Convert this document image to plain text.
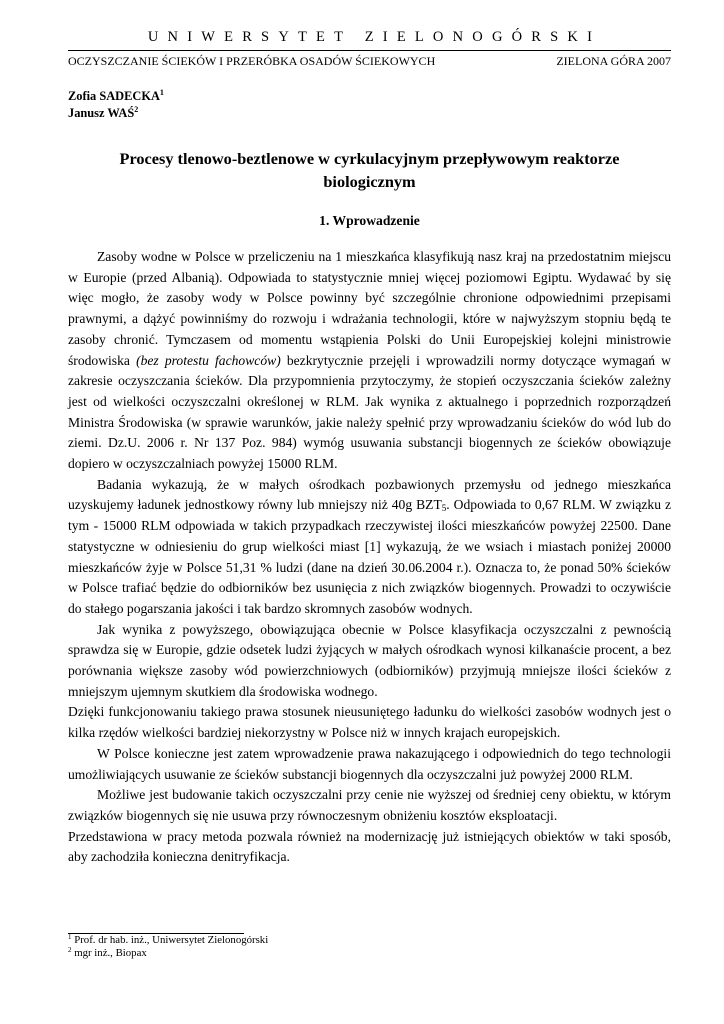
UNIWERSYTET ZIELONOGÓRSKI
OCZYSZCZANIE ŚCIEKÓW I PRZERÓBKA OSADÓW ŚCIEKOWYCH	ZIELONA GÓRA 2007
Zofia SADECKA$^1$
Janusz WAŚ$^2$
Procesy tlenowo-beztlenowe w cyrkulacyjnym przepływowym reaktorze biologicznym
1. Wprowadzenie

Zasoby wodne w Polsce w przeliczeniu na 1 mieszkańca klasyfikują nasz kraj na przedostatnim miejscu w Europie (przed Albanią). Odpowiada to statystycznie mniej więcej poziomowi Egiptu. Wydawać by się więc mogło, że zasoby wody w Polsce powinny być szczególnie chronione odpowiednimi przepisami prawnymi, a dążyć powinniśmy do rozwoju i wdrażania technologii, które w najwyższym stopniu będą te zasoby chronić. Tymczasem od momentu wstąpienia Polski do Unii Europejskiej kolejni ministrowie środowiska (bez protestu fachowców) bezkrytycznie przejęli i wprowadzili normy dotyczące wymagań w zakresie oczyszczania ścieków. Dla przypomnienia przytoczymy, że stopień oczyszczania ścieków zależny jest od wielkości oczyszczalni określonej w RLM. Jak wynika z aktualnego i poprzednich rozporządzeń Ministra Środowiska (w sprawie warunków, jakie należy spełnić przy wprowadzaniu ścieków do wód lub do ziemi. Dz.U. 2006 r. Nr 137 Poz. 984) wymóg usuwania substancji biogennych ze ścieków obowiązuje dopiero w oczyszczalniach powyżej 15000 RLM.

Badania wykazują, że w małych ośrodkach pozbawionych przemysłu od jednego mieszkańca uzyskujemy ładunek jednostkowy równy lub mniejszy niż 40g $BZT_5$. Odpowiada to 0,67 RLM. W związku z tym - 15000 RLM odpowiada w takich przypadkach rzeczywistej ilości mieszkańców powyżej 22500. Dane statystyczne w odniesieniu do grup wielkości miast [1] wykazują, że we wsiach i miastach poniżej 20000 mieszkańców żyje w Polsce 51,31 % ludzi (dane na dzień 30.06.2004 r.). Oznacza to, że ponad 50% ścieków w Polsce trafiać będzie do odbiorników bez usunięcia z nich związków biogennych. Prowadzi to oczywiście do stałego pogarszania jakości i tak bardzo skromnych zasobów wodnych.

Jak wynika z powyższego, obowiązująca obecnie w Polsce klasyfikacja oczyszczalni z pewnością sprawdza się w Europie, gdzie odsetek ludzi żyjących w małych ośrodkach wynosi kilkanaście procent, a bez porównania większe zasoby wód powierzchniowych (odbiorników) przyjmują mniejsze ilości ścieków z mniejszym ujemnym skutkiem dla środowiska wodnego.

Dzięki funkcjonowaniu takiego prawa stosunek nieusuniętego ładunku do wielkości zasobów wodnych jest o kilka rzędów wielkości bardziej niekorzystny w Polsce niż w innych krajach europejskich.

W Polsce konieczne jest zatem wprowadzenie prawa nakazującego i odpowiednich do tego technologii umożliwiających usuwanie ze ścieków substancji biogennych dla oczyszczalni już powyżej 2000 RLM.

Możliwe jest budowanie takich oczyszczalni przy cenie nie wyższej od średniej ceny obiektu, w którym związków biogennych się nie usuwa przy równoczesnym obniżeniu kosztów eksploatacji.

Przedstawiona w pracy metoda pozwala również na modernizację już istniejących obiektów w taki sposób, aby zachodziła konieczna denitryfikacja.

$^1$ Prof. dr hab. inż., Uniwersytet Zielonogórski
$^2$ mgr inż., Biopax
